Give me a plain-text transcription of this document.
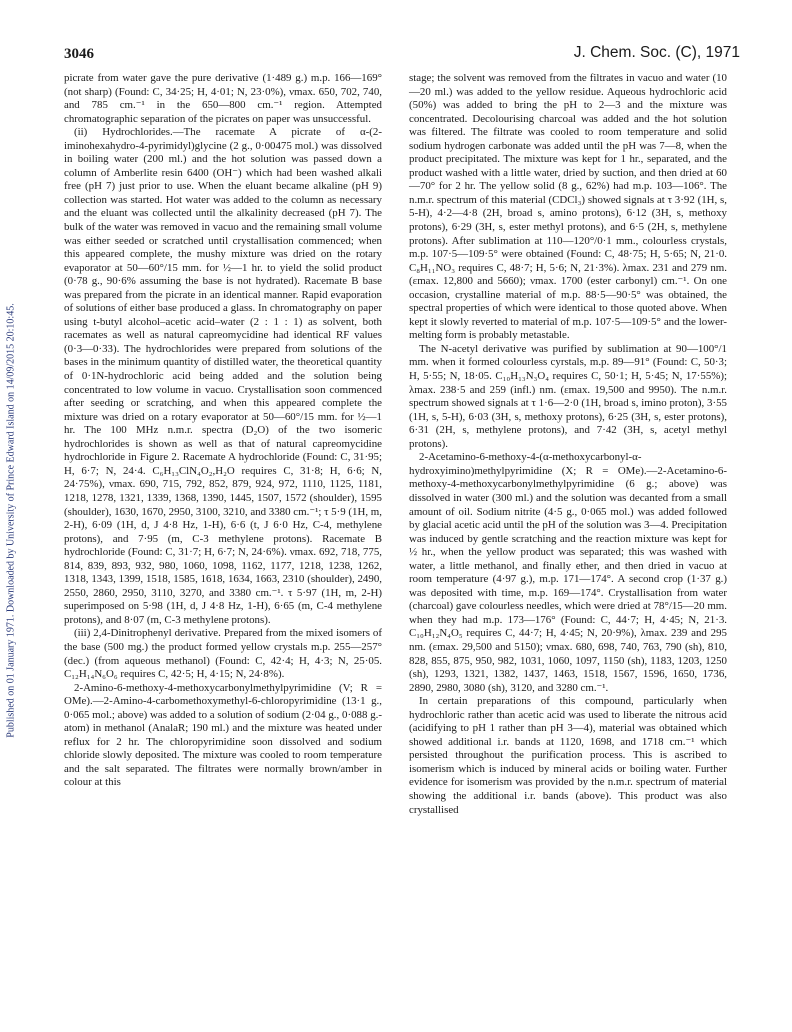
Published on 01 January 1971. Downloaded by University of Prince Edward Island on 14/09/2015 20:10:45.
3046	J. Chem. Soc. (C), 1971

picrate from water gave the pure derivative (1·489 g.) m.p. 166—169° (not sharp) (Found: C, 34·25; H, 4·01; N, 23·0%), νmax. 650, 702, 740, and 785 cm.⁻¹ in the 650—800 cm.⁻¹ region. Attempted chromatographic separation of the picrates on paper was unsuccessful.

(ii) Hydrochlorides.—The racemate A picrate of α-(2-iminohexahydro-4-pyrimidyl)glycine (2 g., 0·00475 mol.) was dissolved in boiling water (200 ml.) and the hot solution was passed down a column of Amberlite resin 6400 (OH⁻) which had been washed alkali free (pH 7) just prior to use. When the eluant became alkaline (pH 9) collection was started. Hot water was added to the column as necessary and the eluant was collected until the alkalinity decreased (pH 7). The bulk of the water was removed in vacuo and the remaining small volume was either seeded or scratched until crystallisation commenced; when this appeared complete, the mushy mixture was dried on the rotary evaporator at 50—60°/15 mm. for ½—1 hr. to yield the solid product (0·78 g., 90·6% assuming the base is not hydrated). Racemate B base was prepared from the picrate in an identical manner. Rapid evaporation of solutions of either base produced a glass. In chromatography on paper using t-butyl alcohol–acetic acid–water (2 : 1 : 1) as solvent, both racemates as well as natural capreomycidine had identical RF values (0·3—0·33). The hydrochlorides were prepared from solutions of the bases in the minimum quantity of distilled water, the theoretical quantity of 0·1N-hydrochloric acid being added and the solution being concentrated to low volume in vacuo. Crystallisation soon commenced after seeding or scratching, and when this appeared complete the mixture was dried on a rotary evaporator at 50—60°/15 mm. for ½—1 hr. The 100 MHz n.m.r. spectra (D₂O) of the two isomeric hydrochlorides is shown as well as that of natural capreomycidine hydrochloride in Figure 2. Racemate A hydrochloride (Found: C, 31·95; H, 6·7; N, 24·4. C₆H₁₃ClN₄O₂,H₂O requires C, 31·8; H, 6·6; N, 24·75%), νmax. 690, 715, 792, 852, 879, 924, 972, 1110, 1125, 1181, 1218, 1278, 1321, 1339, 1368, 1390, 1445, 1507, 1572 (shoulder), 1595 (shoulder), 1630, 1670, 2950, 3100, 3210, and 3380 cm.⁻¹; τ 5·9 (1H, m, 2-H), 6·09 (1H, d, J 4·8 Hz, 1-H), 6·6 (t, J 6·0 Hz, C-4, methylene protons), and 7·95 (m, C-3 methylene protons). Racemate B hydrochloride (Found: C, 31·7; H, 6·7; N, 24·6%). νmax. 692, 718, 775, 814, 839, 893, 932, 980, 1060, 1098, 1162, 1177, 1218, 1238, 1262, 1318, 1343, 1399, 1518, 1585, 1618, 1634, 1663, 2310 (shoulder), 2490, 2550, 2860, 2950, 3110, 3270, and 3380 cm.⁻¹. τ 5·97 (1H, m, 2-H) superimposed on 5·98 (1H, d, J 4·8 Hz, 1-H), 6·65 (m, C-4 methylene protons), and 8·07 (m, C-3 methylene protons).

(iii) 2,4-Dinitrophenyl derivative. Prepared from the mixed isomers of the base (500 mg.) the product formed yellow crystals m.p. 255—257° (dec.) (from aqueous methanol) (Found: C, 42·4; H, 4·3; N, 25·05. C₁₂H₁₄N₆O₆ requires C, 42·5; H, 4·15; N, 24·8%).

2-Amino-6-methoxy-4-methoxycarbonylmethylpyrimidine (V; R = OMe).—2-Amino-4-carbomethoxymethyl-6-chloropyrimidine (13·1 g., 0·065 mol.; above) was added to a solution of sodium (2·04 g., 0·088 g.-atom) in methanol (AnalaR; 190 ml.) and the mixture was heated under reflux for 2 hr. The chloropyrimidine soon dissolved and sodium chloride slowly deposited. The mixture was cooled to room temperature and the salt separated. The filtrates were normally brown/amber in colour at this

stage; the solvent was removed from the filtrates in vacuo and water (10—20 ml.) was added to the yellow residue. Aqueous hydrochloric acid (50%) was added to bring the pH to 2—3 and the mixture was concentrated. Decolourising charcoal was added and the hot solution was filtered. The filtrate was cooled to room temperature and solid sodium hydrogen carbonate was added until the pH was 7—8, when the product precipitated. The mixture was kept for 1 hr., separated, and the product washed with a little water, dried by suction, and then dried at 60—70° for 2 hr. The yellow solid (8 g., 62%) had m.p. 103—106°. The n.m.r. spectrum of this material (CDCl₃) showed signals at τ 3·92 (1H, s, 5-H), 4·2—4·8 (2H, broad s, amino protons), 6·12 (3H, s, methoxy protons), 6·29 (3H, s, ester methyl protons), and 6·5 (2H, s, methylene protons). After sublimation at 110—120°/0·1 mm., colourless crystals, m.p. 107·5—109·5° were obtained (Found: C, 48·75; H, 5·65; N, 21·0. C₈H₁₁NO₃ requires C, 48·7; H, 5·6; N, 21·3%). λmax. 231 and 279 nm. (εmax. 12,800 and 5660); νmax. 1700 (ester carbonyl) cm.⁻¹. On one occasion, crystalline material of m.p. 88·5—90·5° was obtained, the spectral properties of which were identical to those quoted above. When kept it slowly reverted to material of m.p. 107·5—109·5° and the lower-melting form is probably metastable.

The N-acetyl derivative was purified by sublimation at 90—100°/1 mm. when it formed colourless cyrstals, m.p. 89—91° (Found: C, 50·3; H, 5·55; N, 18·05. C₁₀H₁₃N₃O₄ requires C, 50·1; H, 5·45; N, 17·55%); λmax. 238·5 and 259 (infl.) nm. (εmax. 19,500 and 9950). The n.m.r. spectrum showed signals at τ 1·6—2·0 (1H, broad s, imino proton), 3·55 (1H, s, 5-H), 6·03 (3H, s, methoxy protons), 6·25 (3H, s, ester protons), 6·31 (2H, s, methylene protons), and 7·42 (3H, s, acetyl methyl protons).

2-Acetamino-6-methoxy-4-(α-methoxycarbonyl-α-hydroxyimino)methylpyrimidine (X; R = OMe).—2-Acetamino-6-methoxy-4-methoxycarbonylmethylpyrimidine (6 g.; above) was dissolved in water (300 ml.) and the solution was decanted from a small amount of oil. Sodium nitrite (4·5 g., 0·065 mol.) was added followed by glacial acetic acid until the pH of the solution was 3—4. Precipitation was induced by gentle scratching and the reaction mixture was kept for ½ hr., when the yellow product was separated; this was washed with water, a little methanol, and finally ether, and then dried in vacuo at room temperature (4·97 g.), m.p. 171—174°. A second crop (1·37 g.) was deposited with time, m.p. 169—174°. Crystallisation from water (charcoal) gave colourless needles, which were dried at 78°/15—20 mm. when they had m.p. 173—176° (Found: C, 44·7; H, 4·45; N, 21·3. C₁₀H₁₂N₄O₅ requires C, 44·7; H, 4·45; N, 20·9%), λmax. 239 and 295 nm. (εmax. 29,500 and 5150); νmax. 680, 698, 740, 763, 790 (sh), 810, 828, 855, 875, 950, 982, 1031, 1060, 1097, 1150 (sh), 1183, 1203, 1250 (sh), 1293, 1321, 1382, 1437, 1463, 1518, 1567, 1596, 1650, 1736, 2890, 2980, 3080 (sh), 3120, and 3280 cm.⁻¹.

In certain preparations of this compound, particularly when hydrochloric rather than acetic acid was used to liberate the nitrous acid (acidifying to pH 1 rather than pH 3—4), material was obtained which showed additional i.r. bands at 1120, 1698, and 1718 cm.⁻¹ which persisted throughout the purification process. This is ascribed to isomerism which is induced by mineral acids or boiling water. Further evidence for isomerism was provided by the n.m.r. spectrum of material showing the additional i.r. bands (above). This product was also crystallised
